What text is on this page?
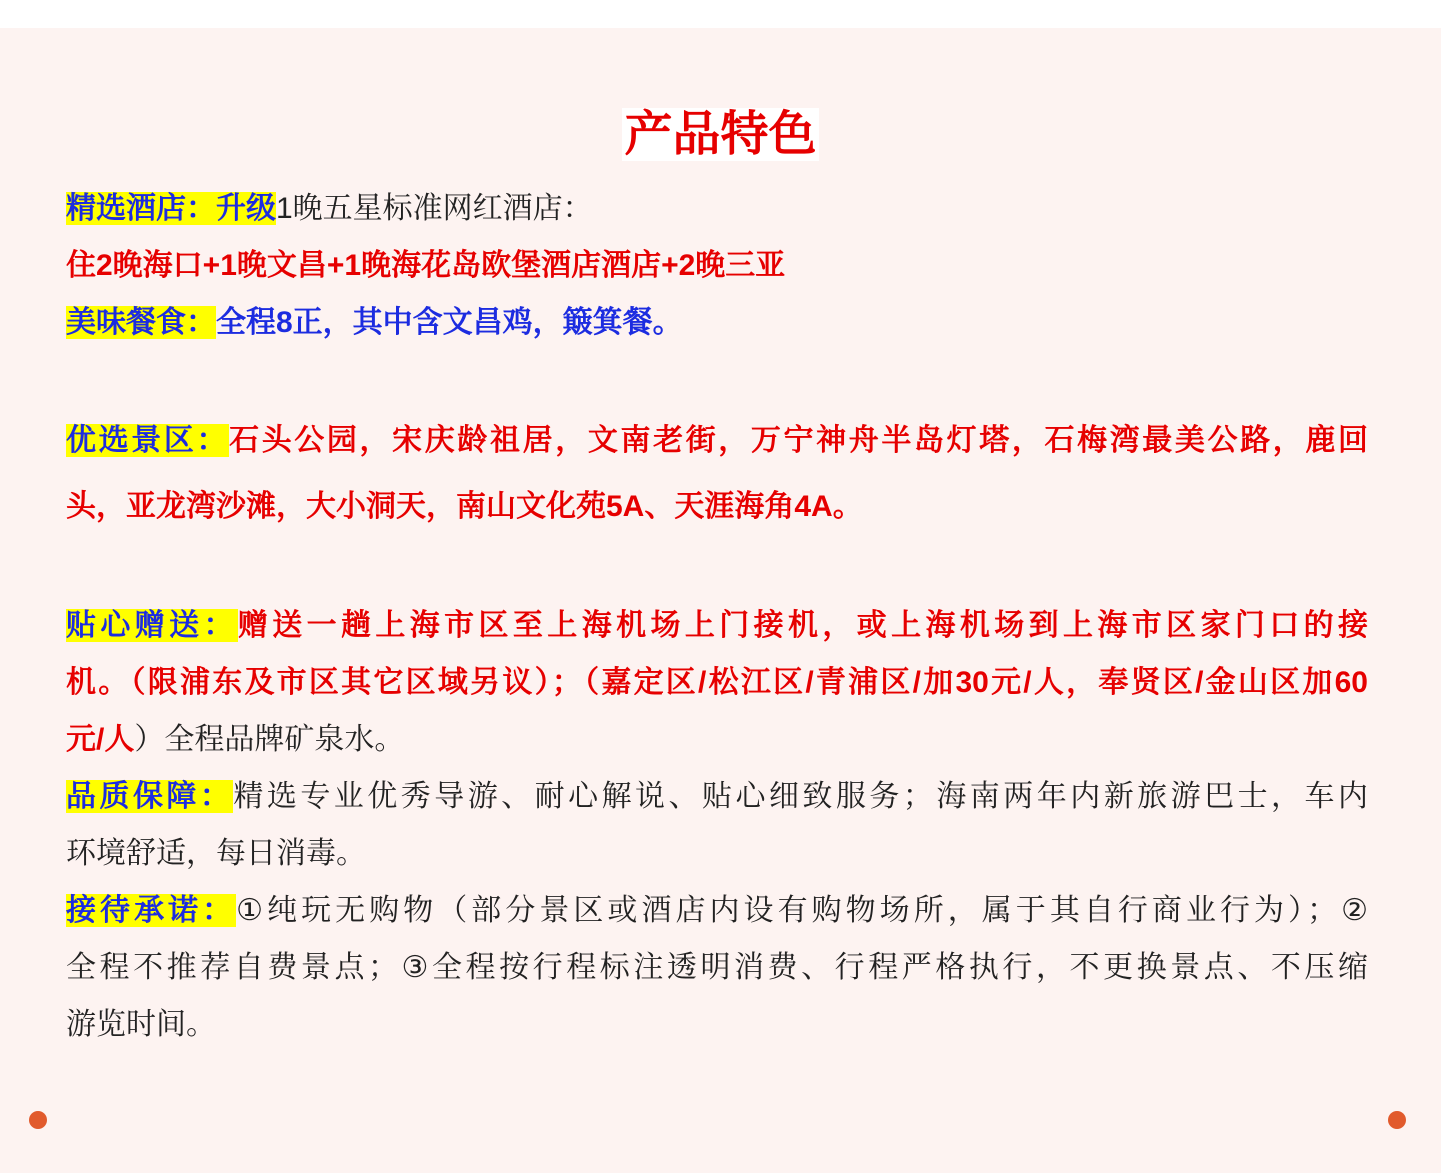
产品特色
精选酒店：升级1晚五星标准网红酒店：
住2晚海口+1晚文昌+1晚海花岛欧堡酒店酒店+2晚三亚
美味餐食：全程8正，其中含文昌鸡，簸箕餐。
优选景区：石头公园，宋庆龄祖居，文南老街，万宁神舟半岛灯塔，石梅湾最美公路，鹿回
头，亚龙湾沙滩，大小洞天，南山文化苑5A、天涯海角4A。
贴心赠送：赠送一趟上海市区至上海机场上门接机，或上海机场到上海市区家门口的接
机。（限浦东及市区其它区域另议）；（嘉定区/松江区/青浦区/加30元/人，奉贤区/金山区加60
元/人）全程品牌矿泉水。
品质保障：精选专业优秀导游、耐心解说、贴心细致服务；海南两年内新旅游巴士，车内
环境舒适，每日消毒。
接待承诺：①纯玩无购物（部分景区或酒店内设有购物场所，属于其自行商业行为）；②
全程不推荐自费景点；③全程按行程标注透明消费、行程严格执行，不更换景点、不压缩
游览时间。
